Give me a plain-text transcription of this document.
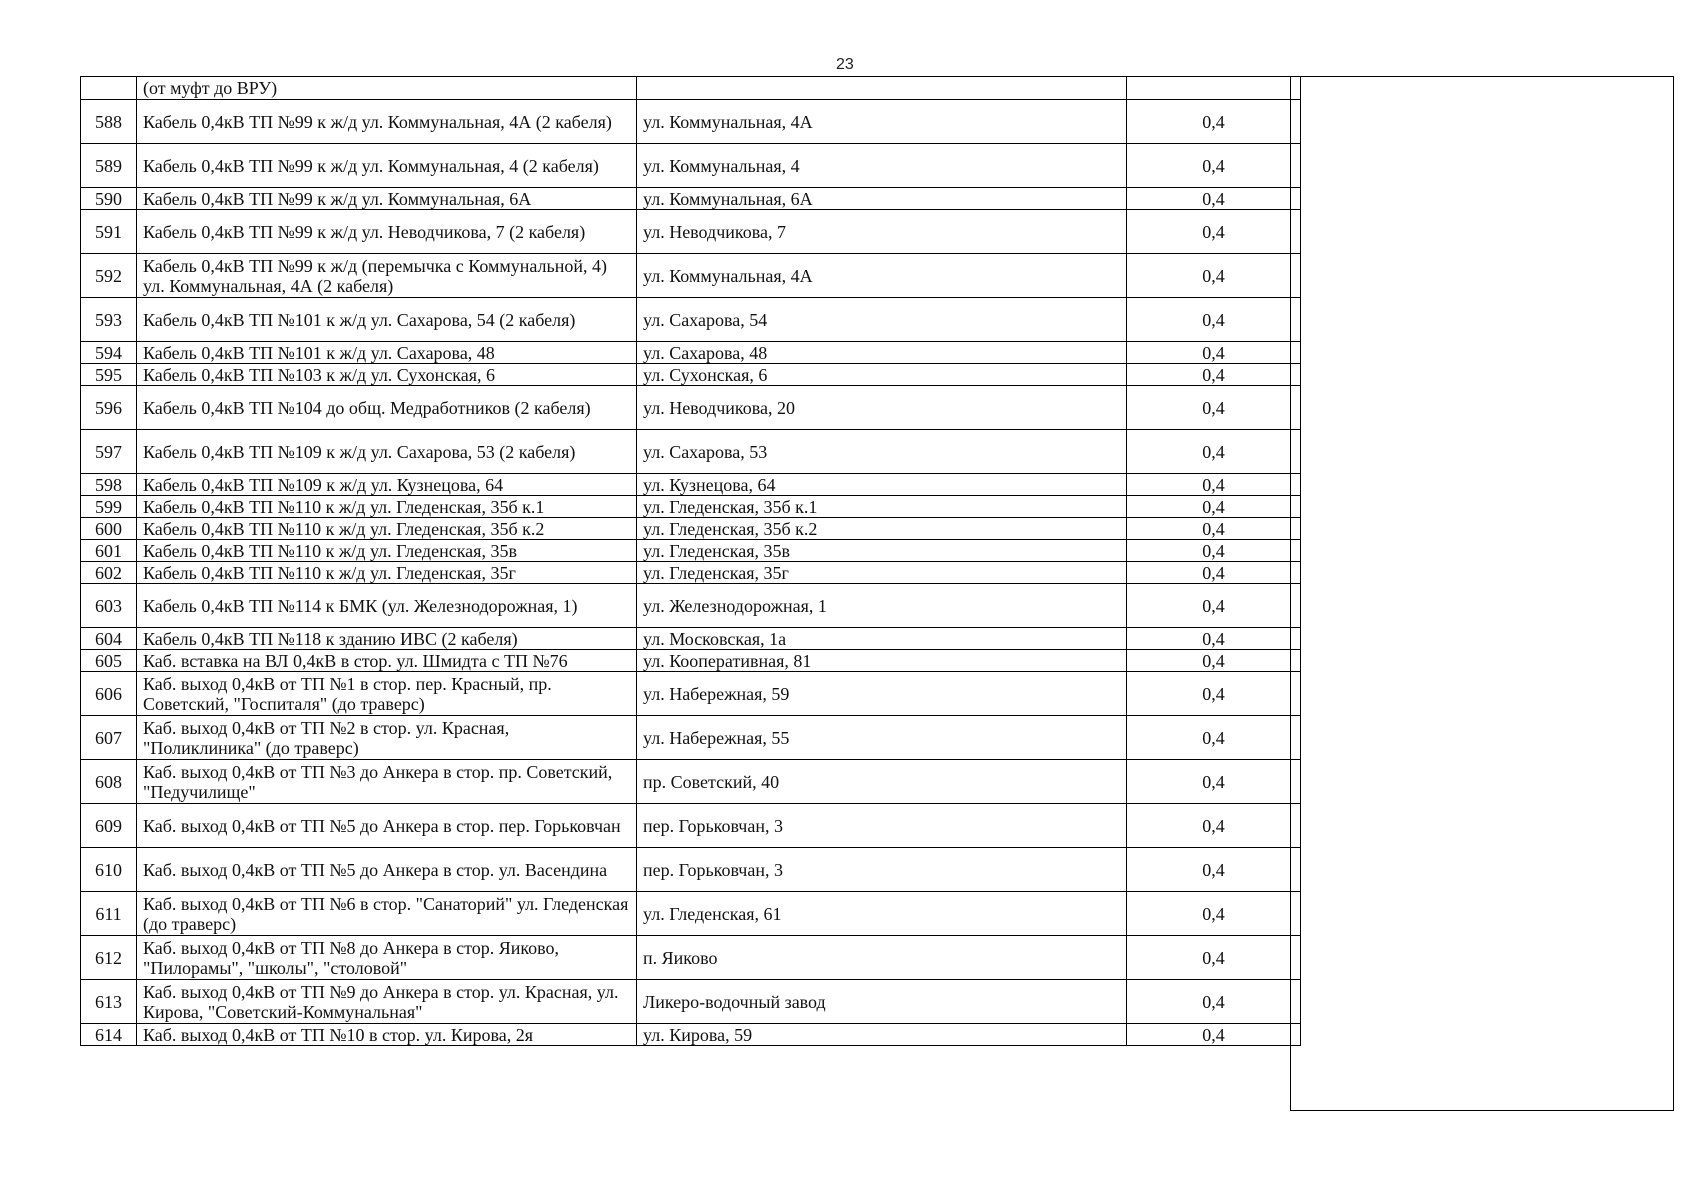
23
	(от муфт до ВРУ)		
588	Кабель 0,4кВ ТП №99 к ж/д ул. Коммунальная, 4А (2 кабеля)	ул. Коммунальная, 4А	0,4
589	Кабель 0,4кВ ТП №99 к ж/д ул. Коммунальная, 4 (2 кабеля)	ул. Коммунальная, 4	0,4
590	Кабель 0,4кВ ТП №99 к ж/д ул. Коммунальная, 6А	ул. Коммунальная, 6А	0,4
591	Кабель 0,4кВ ТП №99 к ж/д ул. Неводчикова, 7 (2 кабеля)	ул. Неводчикова, 7	0,4
592	Кабель 0,4кВ ТП №99 к ж/д (перемычка с Коммунальной, 4) ул. Коммунальная, 4А (2 кабеля)	ул. Коммунальная, 4А	0,4
593	Кабель 0,4кВ ТП №101 к ж/д ул. Сахарова, 54 (2 кабеля)	ул. Сахарова, 54	0,4
594	Кабель 0,4кВ ТП №101 к ж/д ул. Сахарова, 48	ул. Сахарова, 48	0,4
595	Кабель 0,4кВ ТП №103 к ж/д ул. Сухонская, 6	ул. Сухонская, 6	0,4
596	Кабель 0,4кВ ТП №104 до общ. Медработников (2 кабеля)	ул. Неводчикова, 20	0,4
597	Кабель 0,4кВ ТП №109 к ж/д ул. Сахарова, 53 (2 кабеля)	ул. Сахарова, 53	0,4
598	Кабель 0,4кВ ТП №109 к ж/д ул. Кузнецова, 64	ул. Кузнецова, 64	0,4
599	Кабель 0,4кВ ТП №110 к ж/д ул. Гледенская, 35б к.1	ул. Гледенская, 35б к.1	0,4
600	Кабель 0,4кВ ТП №110 к ж/д ул. Гледенская, 35б к.2	ул. Гледенская, 35б к.2	0,4
601	Кабель 0,4кВ ТП №110 к ж/д ул. Гледенская, 35в	ул. Гледенская, 35в	0,4
602	Кабель 0,4кВ ТП №110 к ж/д ул. Гледенская, 35г	ул. Гледенская, 35г	0,4
603	Кабель 0,4кВ ТП №114 к БМК (ул. Железнодорожная, 1)	ул. Железнодорожная, 1	0,4
604	Кабель 0,4кВ ТП №118 к зданию ИВС (2 кабеля)	ул. Московская, 1а	0,4
605	Каб. вставка на ВЛ 0,4кВ в стор. ул. Шмидта с ТП №76	ул. Кооперативная, 81	0,4
606	Каб. выход 0,4кВ от ТП №1 в стор. пер. Красный, пр. Советский, "Госпиталя" (до траверс)	ул. Набережная, 59	0,4
607	Каб. выход 0,4кВ от ТП №2 в стор. ул. Красная, "Поликлиника" (до траверс)	ул. Набережная, 55	0,4
608	Каб. выход 0,4кВ от ТП №3 до Анкера в стор. пр. Советский, "Педучилище"	пр. Советский, 40	0,4
609	Каб. выход 0,4кВ от ТП №5 до Анкера в стор. пер. Горьковчан	пер. Горьковчан, 3	0,4
610	Каб. выход 0,4кВ от ТП №5 до Анкера в стор. ул. Васендина	пер. Горьковчан, 3	0,4
611	Каб. выход 0,4кВ от ТП №6 в стор. "Санаторий" ул. Гледенская (до траверс)	ул. Гледенская, 61	0,4
612	Каб. выход 0,4кВ от ТП №8 до Анкера в стор. Яиково, "Пилорамы", "школы", "столовой"	п. Яиково	0,4
613	Каб. выход 0,4кВ от ТП №9 до Анкера в стор. ул. Красная, ул. Кирова, "Советский-Коммунальная"	Ликеро-водочный завод	0,4
614	Каб. выход 0,4кВ от ТП №10 в стор. ул. Кирова, 2я	ул. Кирова, 59	0,4
